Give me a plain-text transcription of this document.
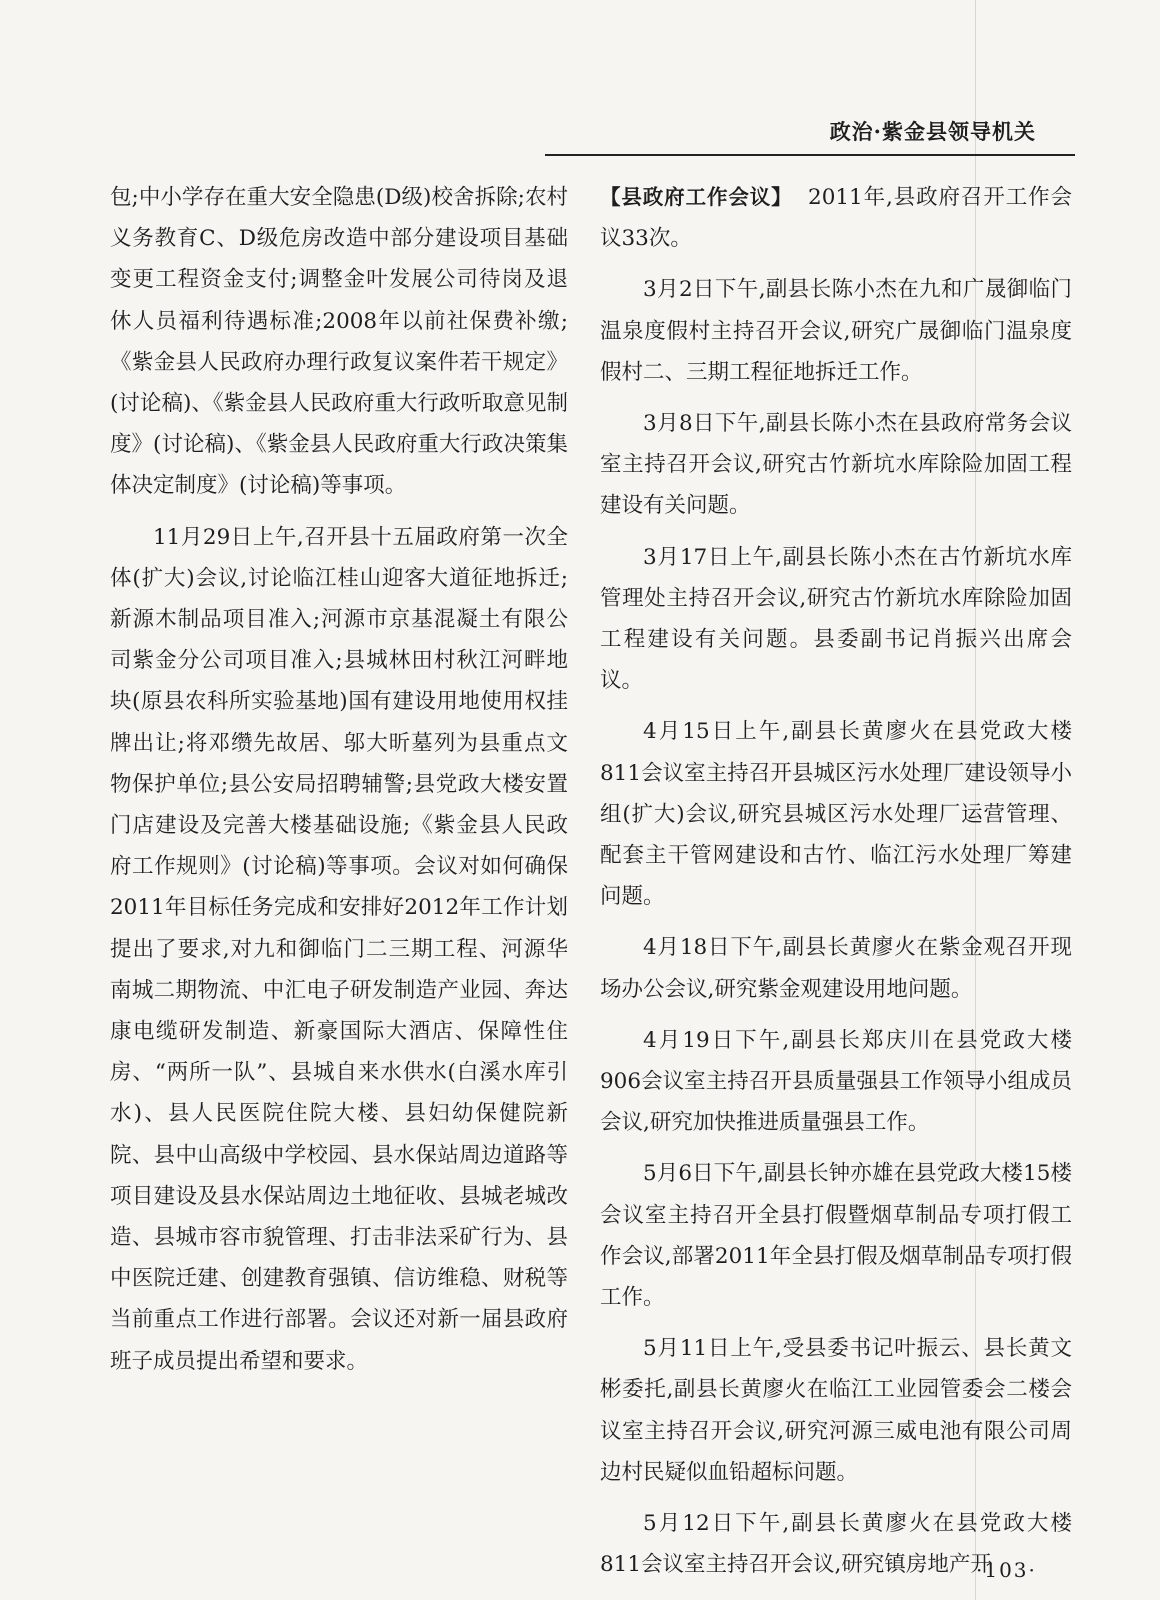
政治·紫金县领导机关

包;中小学存在重大安全隐患(D级)校舍拆除;农村义务教育C、D级危房改造中部分建设项目基础变更工程资金支付;调整金叶发展公司待岗及退休人员福利待遇标准;2008年以前社保费补缴;《紫金县人民政府办理行政复议案件若干规定》(讨论稿)、《紫金县人民政府重大行政听取意见制度》(讨论稿)、《紫金县人民政府重大行政决策集体决定制度》(讨论稿)等事项。

11月29日上午,召开县十五届政府第一次全体(扩大)会议,讨论临江桂山迎客大道征地拆迁;新源木制品项目准入;河源市京基混凝土有限公司紫金分公司项目准入;县城林田村秋江河畔地块(原县农科所实验基地)国有建设用地使用权挂牌出让;将邓缵先故居、邬大昕墓列为县重点文物保护单位;县公安局招聘辅警;县党政大楼安置门店建设及完善大楼基础设施;《紫金县人民政府工作规则》(讨论稿)等事项。会议对如何确保2011年目标任务完成和安排好2012年工作计划提出了要求,对九和御临门二三期工程、河源华南城二期物流、中汇电子研发制造产业园、奔达康电缆研发制造、新豪国际大酒店、保障性住房、“两所一队”、县城自来水供水(白溪水库引水)、县人民医院住院大楼、县妇幼保健院新院、县中山高级中学校园、县水保站周边道路等项目建设及县水保站周边土地征收、县城老城改造、县城市容市貌管理、打击非法采矿行为、县中医院迁建、创建教育强镇、信访维稳、财税等当前重点工作进行部署。会议还对新一届县政府班子成员提出希望和要求。

【县政府工作会议】 2011年,县政府召开工作会议33次。

3月2日下午,副县长陈小杰在九和广晟御临门温泉度假村主持召开会议,研究广晟御临门温泉度假村二、三期工程征地拆迁工作。

3月8日下午,副县长陈小杰在县政府常务会议室主持召开会议,研究古竹新坑水库除险加固工程建设有关问题。

3月17日上午,副县长陈小杰在古竹新坑水库管理处主持召开会议,研究古竹新坑水库除险加固工程建设有关问题。县委副书记肖振兴出席会议。

4月15日上午,副县长黄廖火在县党政大楼811会议室主持召开县城区污水处理厂建设领导小组(扩大)会议,研究县城区污水处理厂运营管理、配套主干管网建设和古竹、临江污水处理厂筹建问题。

4月18日下午,副县长黄廖火在紫金观召开现场办公会议,研究紫金观建设用地问题。

4月19日下午,副县长郑庆川在县党政大楼906会议室主持召开县质量强县工作领导小组成员会议,研究加快推进质量强县工作。

5月6日下午,副县长钟亦雄在县党政大楼15楼会议室主持召开全县打假暨烟草制品专项打假工作会议,部署2011年全县打假及烟草制品专项打假工作。

5月11日上午,受县委书记叶振云、县长黄文彬委托,副县长黄廖火在临江工业园管委会二楼会议室主持召开会议,研究河源三威电池有限公司周边村民疑似血铅超标问题。

5月12日下午,副县长黄廖火在县党政大楼811会议室主持召开会议,研究镇房地产开

·103·
